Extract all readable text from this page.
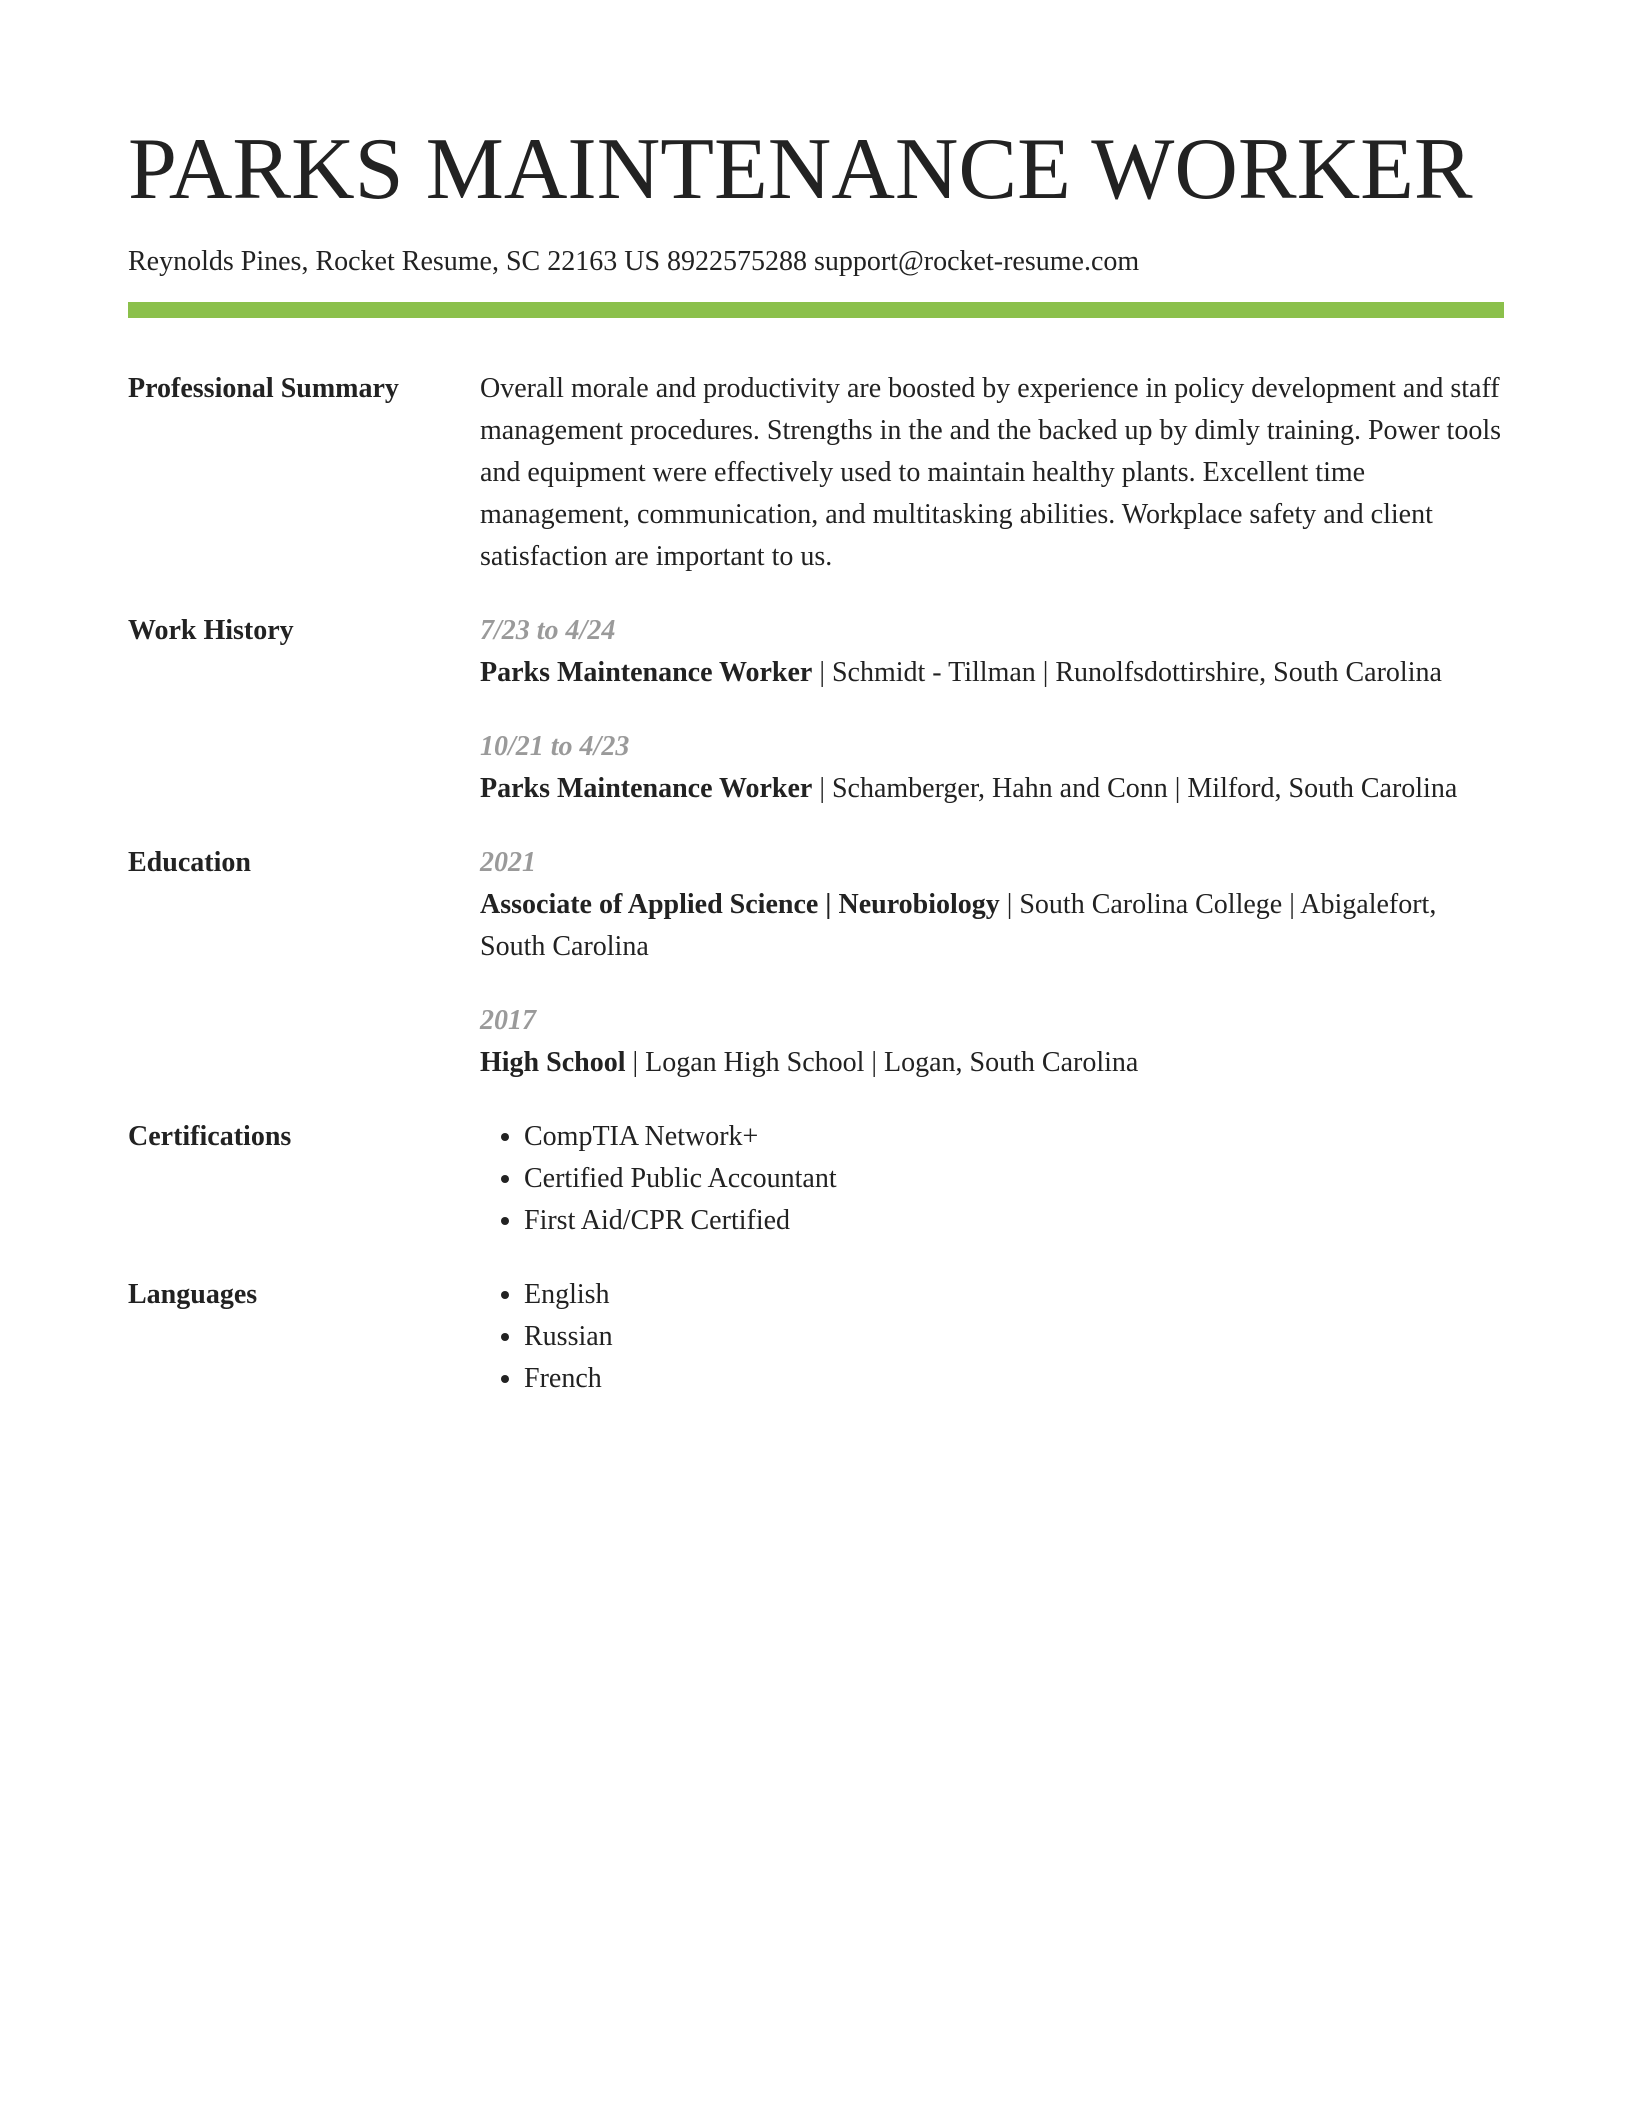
PARKS MAINTENANCE WORKER
Reynolds Pines, Rocket Resume, SC 22163 US 8922575288 support@rocket-resume.com
Professional Summary	Overall morale and productivity are boosted by experience in policy development and staff management procedures. Strengths in the and the backed up by dimly training. Power tools and equipment were effectively used to maintain healthy plants. Excellent time management, communication, and multitasking abilities. Workplace safety and client satisfaction are important to us.

Work History	7/23 to 4/24
Parks Maintenance Worker | Schmidt - Tillman | Runolfsdottirshire, South Carolina
10/21 to 4/23
Parks Maintenance Worker | Schamberger, Hahn and Conn | Milford, South Carolina
Education	2021
Associate of Applied Science | Neurobiology | South Carolina College | Abigalefort, South Carolina
2017
High School | Logan High School | Logan, South Carolina
Certifications	• CompTIA Network+
• Certified Public Accountant
• First Aid/CPR Certified
Languages	• English
• Russian
• French
